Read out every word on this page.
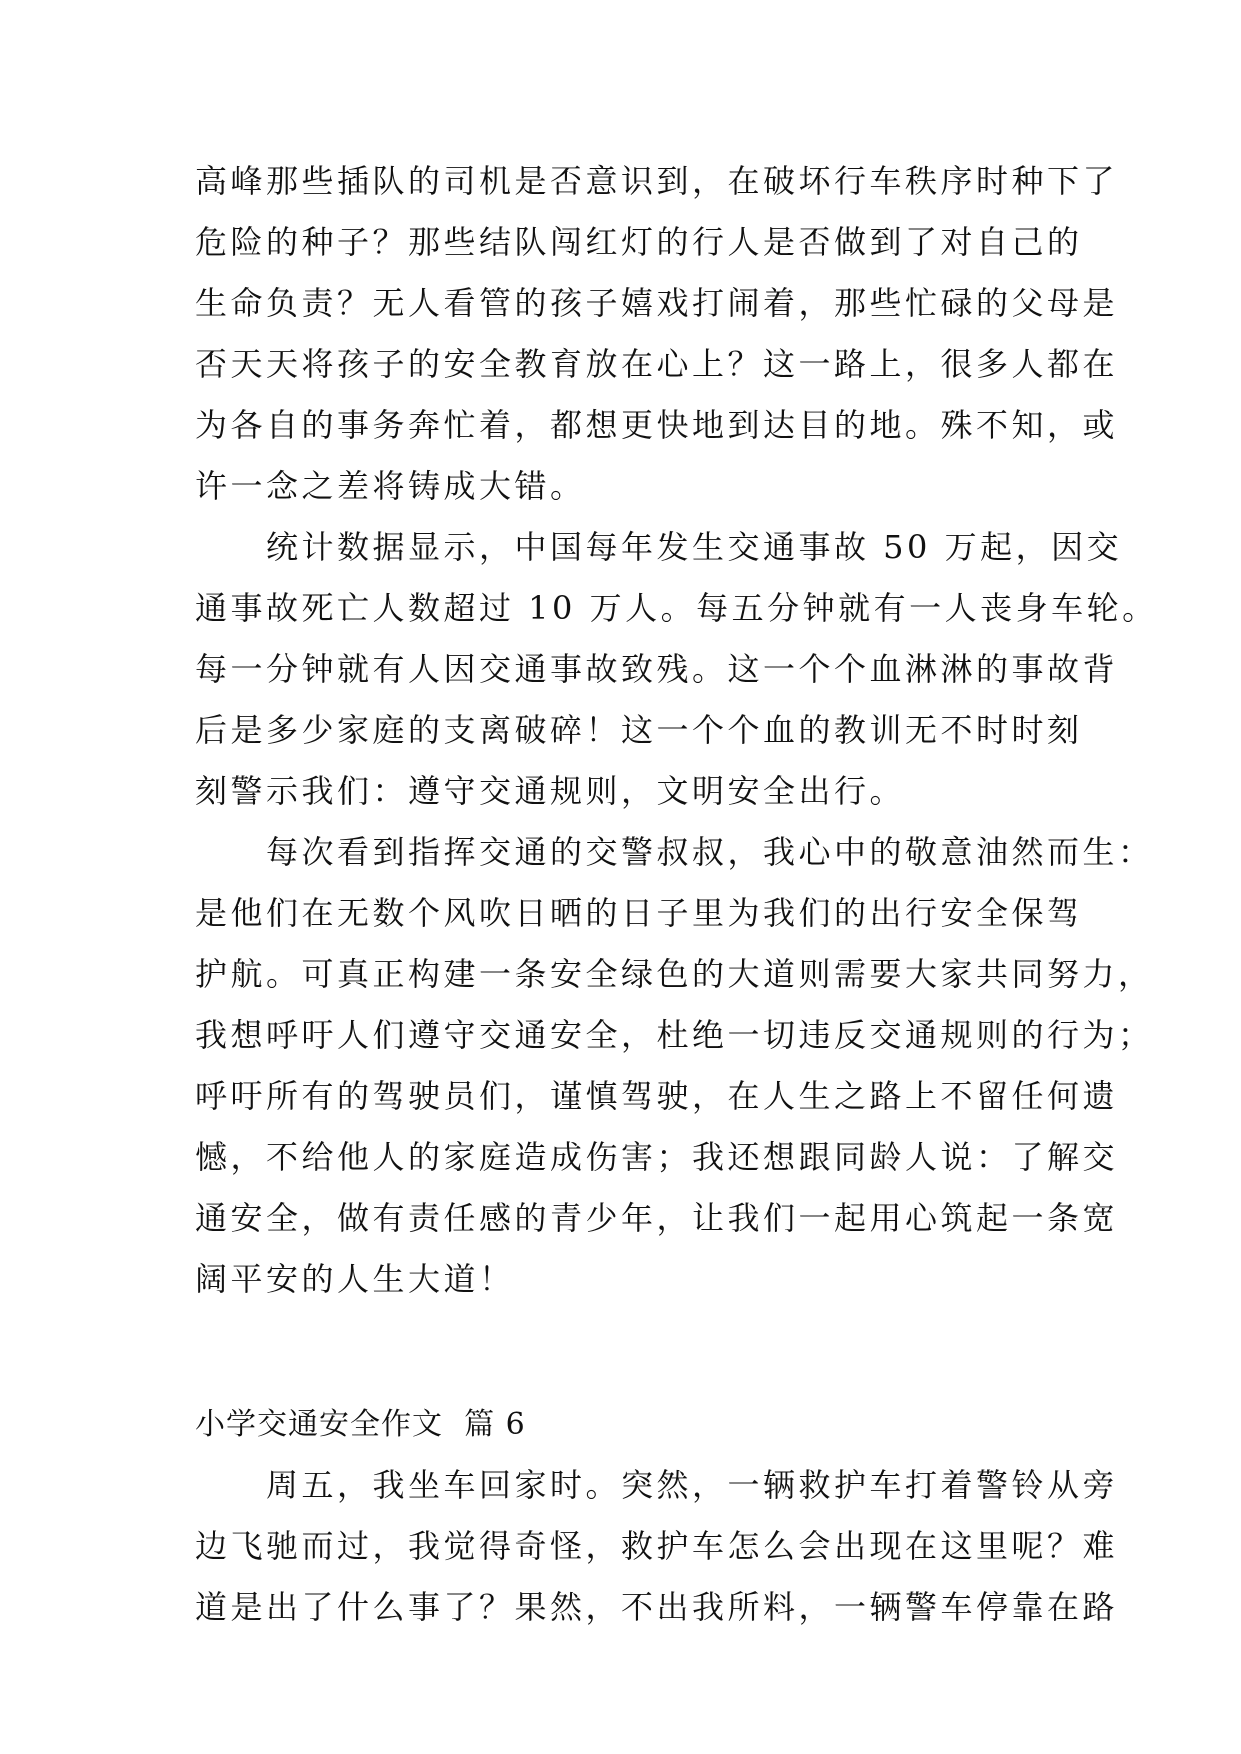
高峰那些插队的司机是否意识到，在破坏行车秩序时种下了
危险的种子？那些结队闯红灯的行人是否做到了对自己的
生命负责？无人看管的孩子嬉戏打闹着，那些忙碌的父母是
否天天将孩子的安全教育放在心上？这一路上，很多人都在
为各自的事务奔忙着，都想更快地到达目的地。殊不知，或
许一念之差将铸成大错。
　　统计数据显示，中国每年发生交通事故 50 万起，因交
通事故死亡人数超过 10 万人。每五分钟就有一人丧身车轮。
每一分钟就有人因交通事故致残。这一个个血淋淋的事故背
后是多少家庭的支离破碎！这一个个血的教训无不时时刻
刻警示我们：遵守交通规则，文明安全出行。
　　每次看到指挥交通的交警叔叔，我心中的敬意油然而生：
是他们在无数个风吹日晒的日子里为我们的出行安全保驾
护航。可真正构建一条安全绿色的大道则需要大家共同努力，
我想呼吁人们遵守交通安全，杜绝一切违反交通规则的行为；
呼吁所有的驾驶员们，谨慎驾驶，在人生之路上不留任何遗
憾，不给他人的家庭造成伤害；我还想跟同龄人说：了解交
通安全，做有责任感的青少年，让我们一起用心筑起一条宽
阔平安的人生大道！
小学交通安全作文  篇 6
　　周五，我坐车回家时。突然，一辆救护车打着警铃从旁
边飞驰而过，我觉得奇怪，救护车怎么会出现在这里呢？难
道是出了什么事了？果然，不出我所料，一辆警车停靠在路
